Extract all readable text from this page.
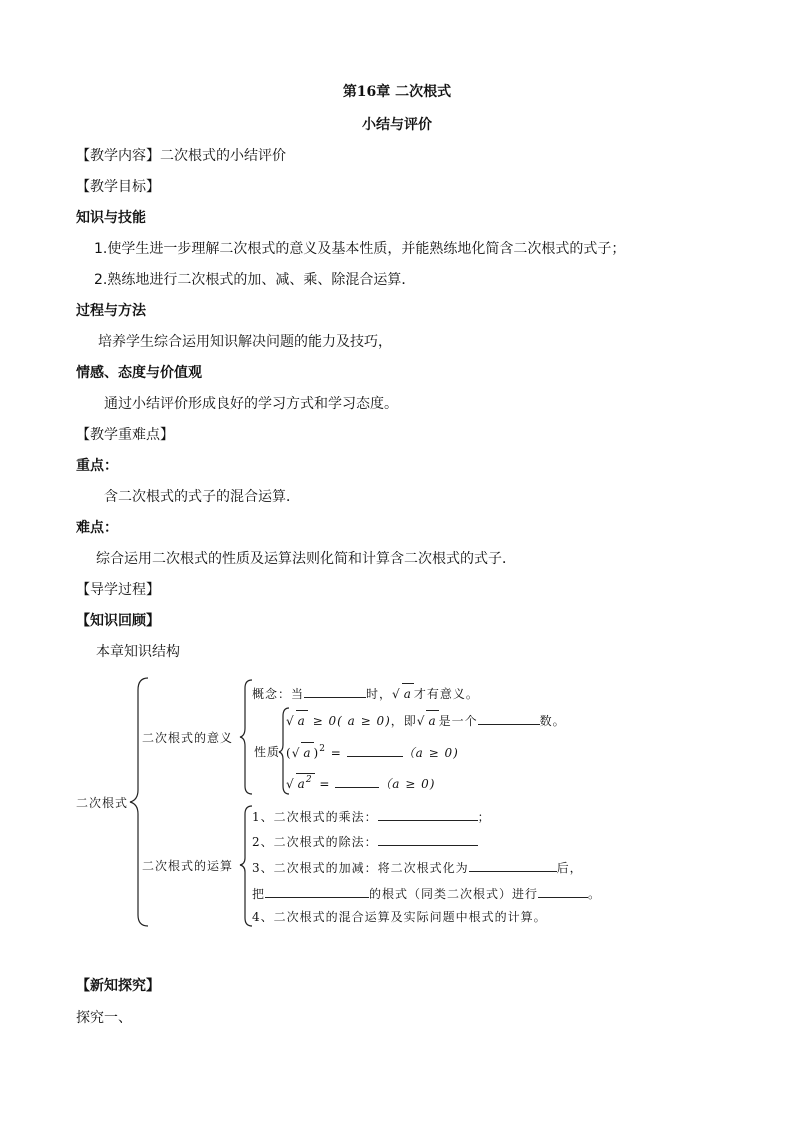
第16章 二次根式
小结与评价
【教学内容】二次根式的小结评价
【教学目标】
知识与技能
1.使学生进一步理解二次根式的意义及基本性质，并能熟练地化简含二次根式的式子；
2.熟练地进行二次根式的加、减、乘、除混合运算．
过程与方法
培养学生综合运用知识解决问题的能力及技巧，
情感、态度与价值观
通过小结评价形成良好的学习方式和学习态度。
【教学重难点】
重点：
含二次根式的式子的混合运算．
难点：
综合运用二次根式的性质及运算法则化简和计算含二次根式的式子．
【导学过程】
【知识回顾】
本章知识结构
二次根式
二次根式的意义
概念：当	时，√ a 才有意义。
√ a ≥ 0( a ≥ 0)，即√ a 是一个	数。
性质 (√ a )$^2$ =	（a ≥ 0)
√ $a^2$ =	（a ≥ 0)
二次根式的运算
1、二次根式的乘法：	；
2、二次根式的除法：
3、二次根式的加减：将二次根式化为	后，
把	的根式（同类二次根式）进行	。
4、二次根式的混合运算及实际问题中根式的计算。
【新知探究】
探究一、
